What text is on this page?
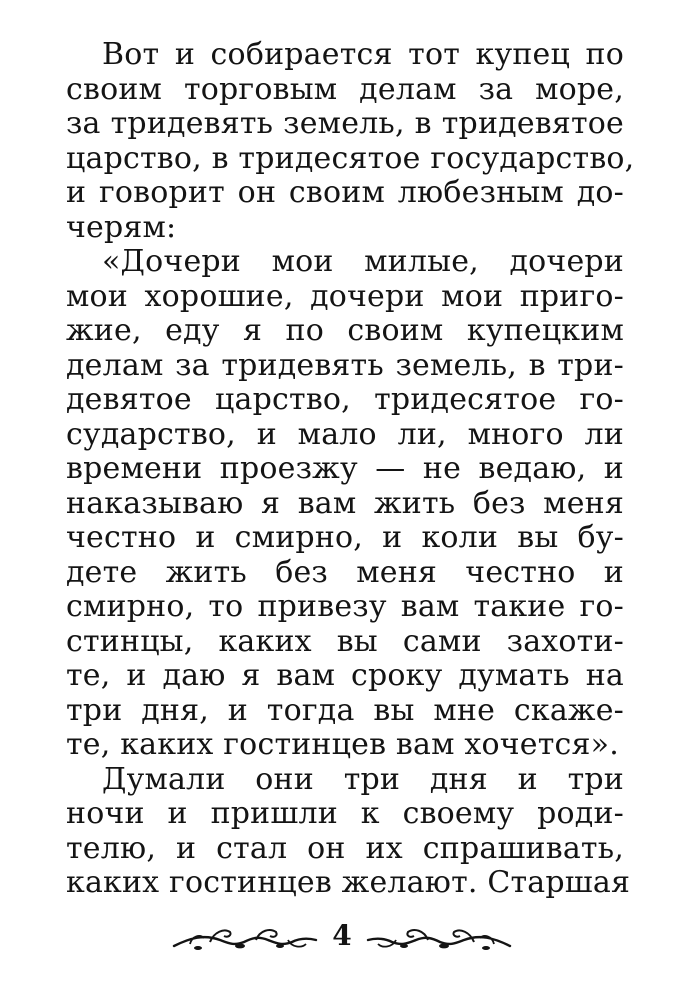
Вот и собирается тот купец по
своим торговым делам за море,
за тридевять земель, в тридевятое
царство, в тридесятое государство,
и говорит он своим любезным до-
черям:
«Дочери мои милые, дочери
мои хорошие, дочери мои приго-
жие, еду я по своим купецким
делам за тридевять земель, в три-
девятое царство, тридесятое го-
сударство, и мало ли, много ли
времени проезжу — не ведаю, и
наказываю я вам жить без меня
честно и смирно, и коли вы бу-
дете жить без меня честно и
смирно, то привезу вам такие го-
стинцы, каких вы сами захоти-
те, и даю я вам сроку думать на
три дня, и тогда вы мне скаже-
те, каких гостинцев вам хочется».
Думали они три дня и три
ночи и пришли к своему роди-
телю, и стал он их спрашивать,
каких гостинцев желают. Старшая
4
